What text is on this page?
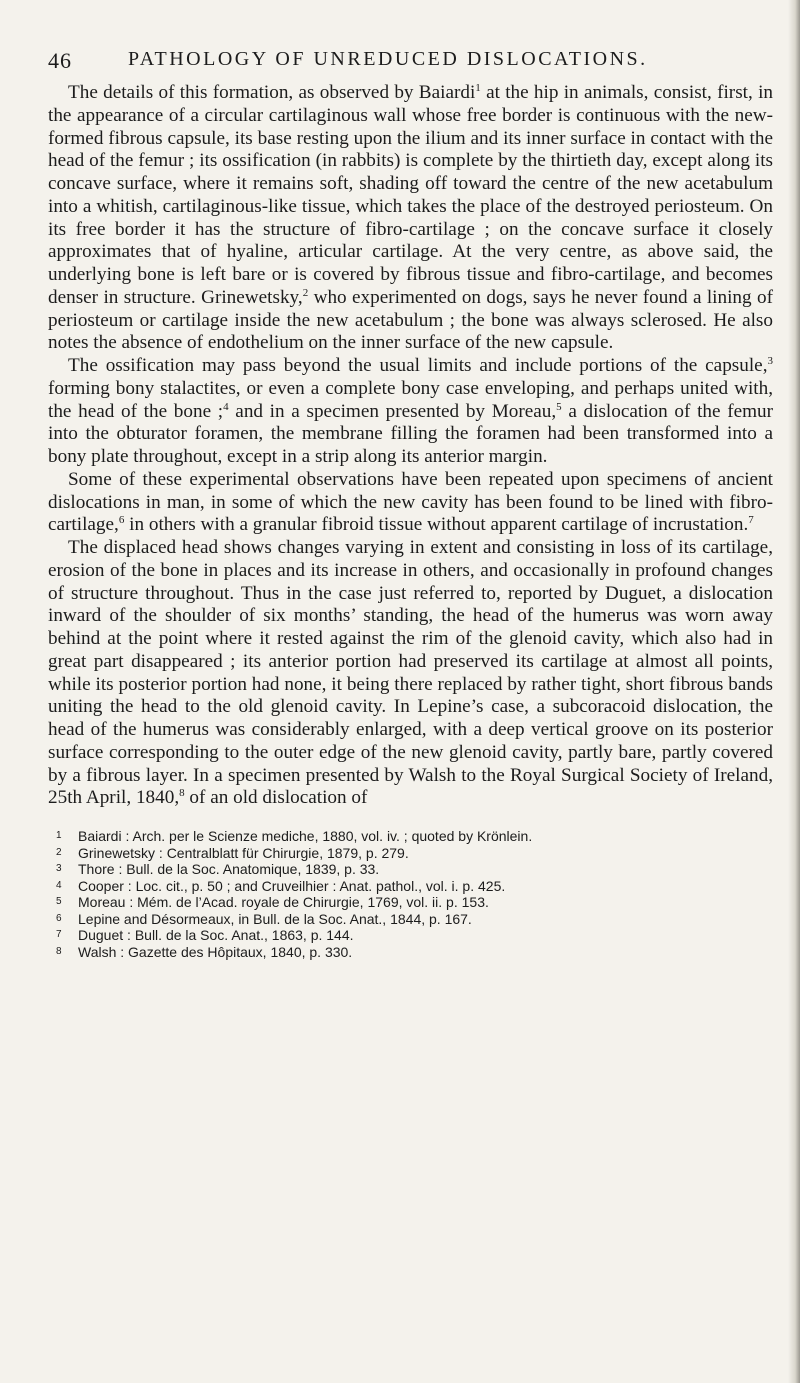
46	PATHOLOGY OF UNREDUCED DISLOCATIONS.

The details of this formation, as observed by Baiardi$^1$ at the hip in animals, consist, first, in the appearance of a circular cartilaginous wall whose free border is continuous with the new-formed fibrous capsule, its base resting upon the ilium and its inner surface in contact with the head of the femur ; its ossification (in rabbits) is complete by the thirtieth day, except along its concave surface, where it remains soft, shading off toward the centre of the new acetabulum into a whitish, cartilaginous-like tissue, which takes the place of the destroyed periosteum. On its free border it has the structure of fibro-cartilage ; on the concave surface it closely approximates that of hyaline, articular cartilage. At the very centre, as above said, the underlying bone is left bare or is covered by fibrous tissue and fibro-cartilage, and becomes denser in structure. Grinewetsky,$^2$ who experimented on dogs, says he never found a lining of periosteum or cartilage inside the new acetabulum ; the bone was always sclerosed. He also notes the absence of endothelium on the inner surface of the new capsule.

The ossification may pass beyond the usual limits and include portions of the capsule,$^3$ forming bony stalactites, or even a complete bony case enveloping, and perhaps united with, the head of the bone ;$^4$ and in a specimen presented by Moreau,$^5$ a dislocation of the femur into the obturator foramen, the membrane filling the foramen had been transformed into a bony plate throughout, except in a strip along its anterior margin.

Some of these experimental observations have been repeated upon specimens of ancient dislocations in man, in some of which the new cavity has been found to be lined with fibro-cartilage,$^6$ in others with a granular fibroid tissue without apparent cartilage of incrustation.$^7$

The displaced head shows changes varying in extent and consisting in loss of its cartilage, erosion of the bone in places and its increase in others, and occasionally in profound changes of structure throughout. Thus in the case just referred to, reported by Duguet, a dislocation inward of the shoulder of six months’ standing, the head of the humerus was worn away behind at the point where it rested against the rim of the glenoid cavity, which also had in great part disappeared ; its anterior portion had preserved its cartilage at almost all points, while its posterior portion had none, it being there replaced by rather tight, short fibrous bands uniting the head to the old glenoid cavity. In Lepine’s case, a subcoracoid dislocation, the head of the humerus was considerably enlarged, with a deep vertical groove on its posterior surface corresponding to the outer edge of the new glenoid cavity, partly bare, partly covered by a fibrous layer. In a specimen presented by Walsh to the Royal Surgical Society of Ireland, 25th April, 1840,$^8$ of an old dislocation of

1 Baiardi : Arch. per le Scienze mediche, 1880, vol. iv. ; quoted by Krönlein.
2 Grinewetsky : Centralblatt für Chirurgie, 1879, p. 279.
3 Thore : Bull. de la Soc. Anatomique, 1839, p. 33.
4 Cooper : Loc. cit., p. 50 ; and Cruveilhier : Anat. pathol., vol. i. p. 425.
5 Moreau : Mém. de l’Acad. royale de Chirurgie, 1769, vol. ii. p. 153.
6 Lepine and Désormeaux, in Bull. de la Soc. Anat., 1844, p. 167.
7 Duguet : Bull. de la Soc. Anat., 1863, p. 144.
8 Walsh : Gazette des Hôpitaux, 1840, p. 330.
